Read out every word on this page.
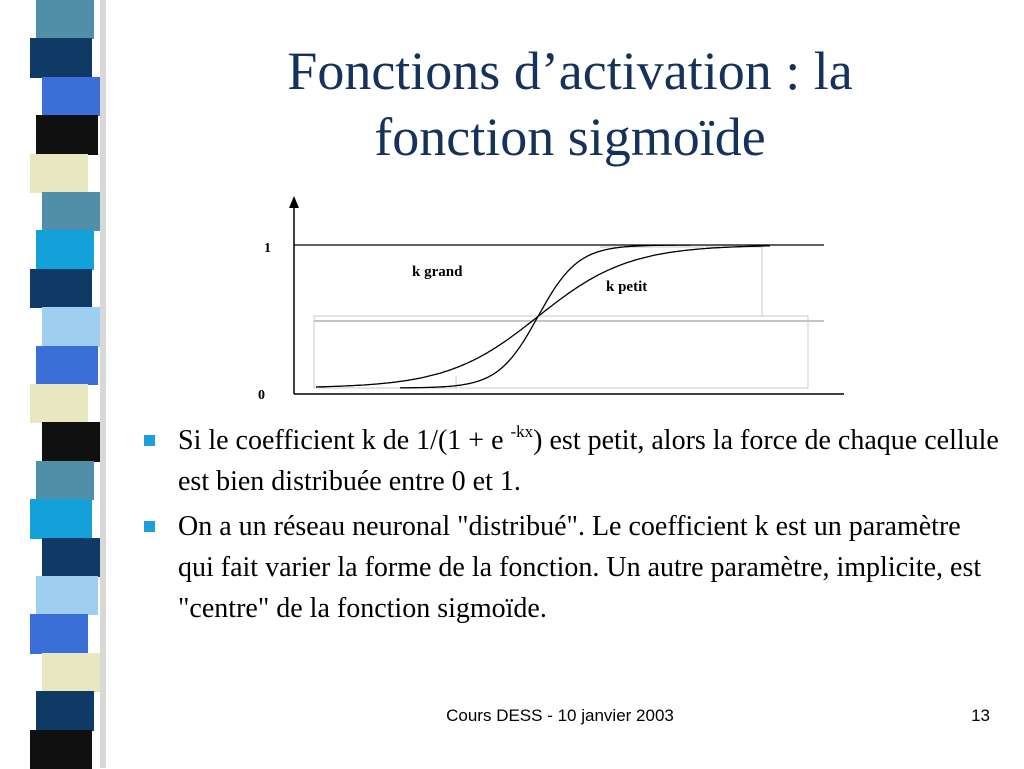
Fonctions d’activation : la
fonction sigmoïde
1
0
k grand
k petit
Si le coefficient k de 1/(1 + e $^{-kx}$) est petit, alors la force de chaque cellule est bien distribuée entre 0 et 1.
On a un réseau neuronal "distribué". Le coefficient k est un paramètre qui fait varier la forme de la fonction. Un autre paramètre, implicite, est "centre" de la fonction sigmoïde.
Cours DESS - 10 janvier 2003	13
